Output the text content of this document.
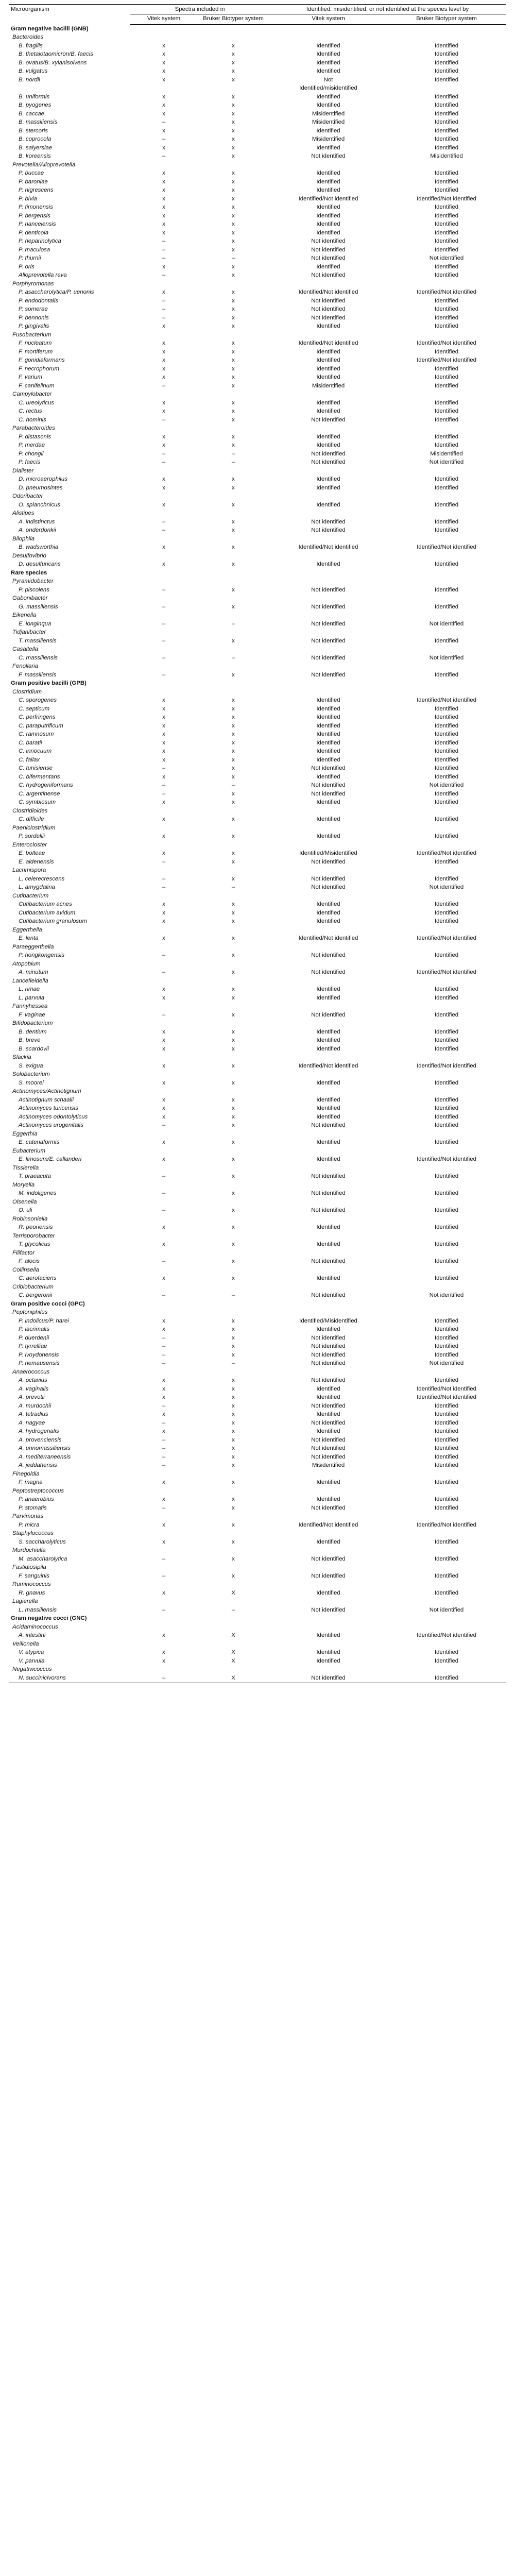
Microorganism	Spectra included in		Identified, misidentified, or not identified at the species level by	
	Vitek system	Bruker Biotyper system	Vitek system	Bruker Biotyper system
Gram negative bacilli (GNB)				
Bacteroides				
B. fragilis	x	x	Identified	Identified
B. thetaiotaomicron/B. faecis	x	x	Identified	Identified
B. ovatus/B. xylanisolvens	x	x	Identified	Identified
B. vulgatus	x	x	Identified	Identified
B. nordii	x	x	Not	Identified
			Identified/misidentified	
B. uniformis	x	x	Identified	Identified
B. pyogenes	x	x	Identified	Identified
B. caccae	x	x	Misidentified	Identified
B. massiliensis	–	x	Misidentified	Identified
B. stercoris	x	x	Identified	Identified
B. coprocola	–	x	Misidentified	Identified
B. salyersiae	x	x	Identified	Identified
B. koreensis	–	x	Not identified	Misidentified
Prevotella/Alloprevotella				
P. buccae	x	x	Identified	Identified
P. baroniae	x	x	Identified	Identified
P. nigrescens	x	x	Identified	Identified
P. bivia	x	x	Identified/Not identified	Identified/Not identified
P. timonensis	x	x	Identified	Identified
P. bergensis	x	x	Identified	Identified
P. nanceiensis	x	x	Identified	Identified
P. denticola	x	x	Identified	Identified
P. heparinolytica	–	x	Not identified	Identified
P. maculosa	–	x	Not identified	Identified
P. thurnii	–	–	Not identified	Not identified
P. oris	x	x	Identified	Identified
Alloprevotella rava	–	x	Not identified	Identified
Porphyromonas				
P. asaccharolytica/P. uenonis	x	x	Identified/Not identified	Identified/Not identified
P. endodontalis	–	x	Not identified	Identified
P. somerae	–	x	Not identified	Identified
P. bennonis	–	x	Not identified	Identified
P. gingivalis	x	x	Identified	Identified
Fusobacterium				
F. nucleatum	x	x	Identified/Not identified	Identified/Not identified
F. mortiferum	x	x	Identified	Identified
F. gonidiaformans	x	x	Identified	Identified/Not identified
F. necrophorum	x	x	Identified	Identified
F. varium	x	x	Identified	Identified
F. canifelinum	–	x	Misidentified	Identified
Campylobacter				
C. ureolyticus	x	x	Identified	Identified
C. rectus	x	x	Identified	Identified
C. hominis	–	x	Not identified	Identified
Parabacteroides				
P. distasonis	x	x	Identified	Identified
P. merdae	x	x	Identified	Identified
P. chongii	–	–	Not identified	Misidentified
P. faecis	–	–	Not identified	Not identified
Dialister				
D. microaerophilus	x	x	Identified	Identified
D. pneumosintes	x	x	Identified	Identified
Odoribacter				
O. splanchnicus	x	x	Identified	Identified
Alistipes				
A. indistinctus	–	x	Not identified	Identified
A. onderdonkii	–	x	Not identified	Identified
Bilophila				
B. wadsworthia	x	x	Identified/Not identified	Identified/Not identified
Desulfovibrio				
D. desulfuricans	x	x	Identified	Identified
Rare species				
Pyramidobacter				
P. piscolens	–	x	Not identified	Identified
Gabonibacter				
G. massiliensis	–	x	Not identified	Identified
Eikenella				
E. longinqua	–	–	Not identified	Not identified
Tidjanibacter				
T. massiliensis	–	x	Not identified	Identified
Casaltella				
C. massiliensis	–	–	Not identified	Not identified
Fenollaria				
F. massiliensis	–	x	Not identified	Identified
Gram positive bacilli (GPB)				
Clostridium				
C. sporogenes	x	x	Identified	Identified/Not identified
C. septicum	x	x	Identified	Identified
C. perfringens	x	x	Identified	Identified
C. paraputrificum	x	x	Identified	Identified
C. ramnosum	x	x	Identified	Identified
C. baratii	x	x	Identified	Identified
C. innocuum	x	x	Identified	Identified
C. fallax	x	x	Identified	Identified
C. tunisiense	–	x	Not identified	Identified
C. bifermentans	x	x	Identified	Identified
C. hydrogeniformans	–	–	Not identified	Not identified
C. argentinense	–	x	Not identified	Identified
C. symbiosum	x	x	Identified	Identified
Clostridioides				
C. difficile	x	x	Identified	Identified
Paeniclostridium				
P. sordellii	x	x	Identified	Identified
Enterocloster				
E. bolteae	x	x	Identified/Misidentified	Identified/Not identified
E. aldenensis	–	x	Not identified	Identified
Lacrimispora				
L. celerecrescens	–	x	Not identified	Identified
L. amygdalina	–	–	Not identified	Not identified
Cutibacterium				
Cutibacterium acnes	x	x	Identified	Identified
Cutibacterium avidum	x	x	Identified	Identified
Cutibacterium granulosum	x	x	Identified	Identified
Eggerthella				
E. lenta	x	x	Identified/Not identified	Identified/Not identified
Paraeggerthella				
P. hongkongensis	–	x	Not identified	Identified
Atopobium				
A. minutum	–	x	Not identified	Identified/Not identified
Lancefieldella				
L. rimae	x	x	Identified	Identified
L. parvula	x	x	Identified	Identified
Fannyhessea				
F. vaginae	–	x	Not identified	Identified
Bifidobacterium				
B. dentium	x	x	Identified	Identified
B. breve	x	x	Identified	Identified
B. scardovii	x	x	Identified	Identified
Slackia				
S. exigua	x	x	Identified/Not identified	Identified/Not identified
Solobacterium				
S. moorei	x	x	Identified	Identified
Actinomyces/Actinotignum				
Actinotignum schaalii	x	x	Identified	Identified
Actinomyces turicensis	x	x	Identified	Identified
Actinomyces odontolyticus	x	x	Identified	Identified
Actinomyces urogenitalis	–	x	Not identified	Identified
Eggerthia				
E. catenaformis	x	x	Identified	Identified
Eubacterium				
E. limosum/E. callanderi	x	x	Identified	Identified/Not identified
Tissierella				
T. praeacuta	–	x	Not identified	Identified
Moryella				
M. indoligenes	–	x	Not identified	Identified
Olsenella				
O. uli	–	x	Not identified	Identified
Robinsoniella				
R. peoriensis	x	x	Identified	Identified
Terrisporobacter				
T. glycolicus	x	x	Identified	Identified
Filifactor				
F. alocis	–	x	Not identified	Identified
Collinsella				
C. aerofaciens	x	x	Identified	Identified
Cribiobacterium				
C. bergeronii	–	–	Not identified	Not identified
Gram positive cocci (GPC)				
Peptoniphilus				
P. indolicus/P. harei	x	x	Identified/Misidentified	Identified
P. lacrimalis	x	x	Identified	Identified
P. duerdenii	–	x	Not identified	Identified
P. tyrrelliae	–	x	Not identified	Identified
P. ivoydonensis	–	x	Not identified	Identified
P. nemausensis	–	–	Not identified	Not identified
Anaerococcus				
A. octavius	x	x	Not identified	Identified
A. vaginalis	x	x	Identified	Identified/Not identified
A. prevotii	x	x	Identified	Identified/Not identified
A. murdochii	–	x	Not identified	Identified
A. tetradius	x	x	Identified	Identified
A. nagyae	–	x	Not identified	Identified
A. hydrogenalis	x	x	Identified	Identified
A. provenciensis	–	x	Not identified	Identified
A. urinomassiliensis	–	x	Not identified	Identified
A. mediterraneensis	–	x	Not identified	Identified
A. jeddahensis	–	x	Misidentified	Identified
Finegoldia				
F. magna	x	x	Identified	Identified
Peptostreptococcus				
P. anaerobius	x	x	Identified	Identified
P. stomatis	–	x	Not identified	Identified
Parvimonas				
P. micra	x	x	Identified/Not identified	Identified/Not identified
Staphylococcus				
S. saccharolyticus	x	x	Identified	Identified
Murdochiella				
M. asaccharolytica	–	x	Not identified	Identified
Fastidiosipila				
F. sanguinis	–	x	Not identified	Identified
Ruminococcus				
R. gnavus	x	X	Identified	Identified
Lagierella				
L. massiliensis	–	–	Not identified	Not identified
Gram negative cocci (GNC)				
Acidaminococcus				
A. intestini	x	X	Identified	Identified/Not identified
Veillonella				
V. atypica	x	X	Identified	Identified
V. parvula	x	X	Identified	Identified
Negativicoccus				
N. succinicivorans	–	X	Not identified	Identified
